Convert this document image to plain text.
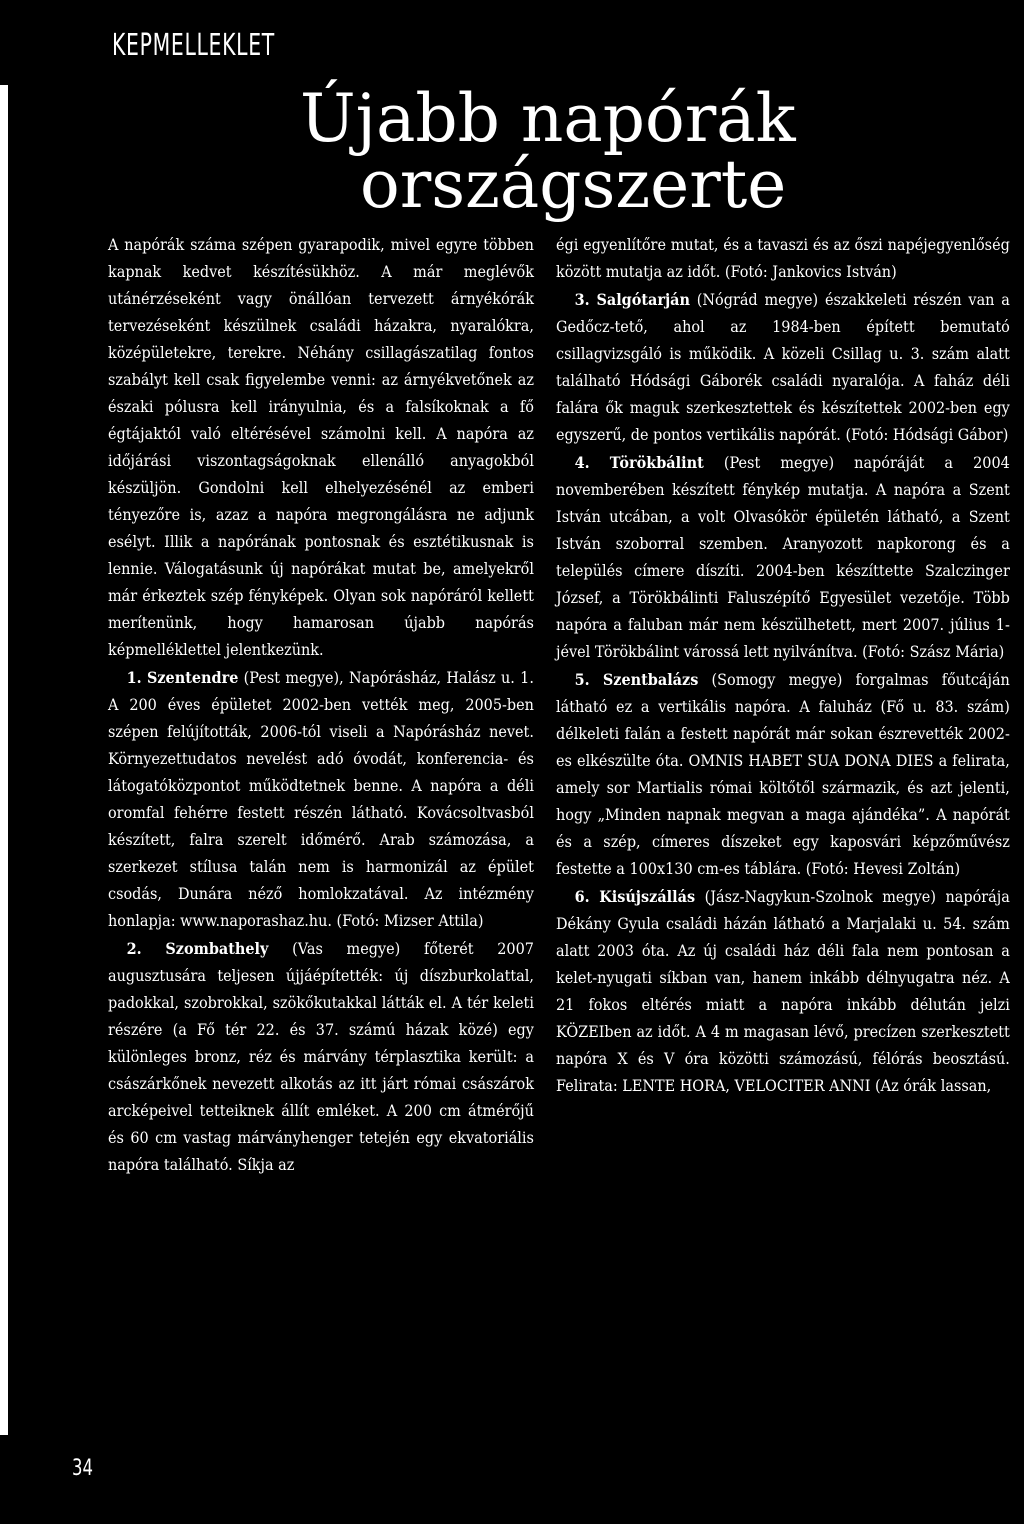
KEPMELLEKLET
Újabb napórák
országszerte

A napórák száma szépen gyarapodik, mivel egyre többen kapnak kedvet készítésükhöz. A már meglévők utánérzéseként vagy önállóan tervezett árnyékórák tervezéseként készülnek családi házakra, nyaralókra, középületekre, terekre. Néhány csillagászatilag fontos szabályt kell csak figyelembe venni: az árnyékvetőnek az északi pólusra kell irányulnia, és a falsíkoknak a fő égtájaktól való eltérésével számolni kell. A napóra az időjárási viszontagságoknak ellenálló anyagokból készüljön. Gondolni kell elhelyezésénél az emberi tényezőre is, azaz a napóra megrongálásra ne adjunk esélyt. Illik a napórának pontosnak és esztétikusnak is lennie. Válogatásunk új napórákat mutat be, amelyekről már érkeztek szép fényképek. Olyan sok napóráról kellett merítenünk, hogy hamarosan újabb napórás képmelléklettel jelentkezünk.

1. Szentendre (Pest megye), Napórásház, Halász u. 1. A 200 éves épületet 2002-ben vették meg, 2005-ben szépen felújították, 2006-tól viseli a Napórásház nevet. Környezettudatos nevelést adó óvodát, konferencia- és látogatóközpontot működtetnek benne. A napóra a déli oromfal fehérre festett részén látható. Kovácsoltvasból készített, falra szerelt időmérő. Arab számozása, a szerkezet stílusa talán nem is harmonizál az épület csodás, Dunára néző homlokzatával. Az intézmény honlapja: www.naporashaz.hu. (Fotó: Mizser Attila)

2. Szombathely (Vas megye) főterét 2007 augusztusára teljesen újjáépítették: új díszburkolattal, padokkal, szobrokkal, szökőkutakkal látták el. A tér keleti részére (a Fő tér 22. és 37. számú házak közé) egy különleges bronz, réz és márvány térplasztika került: a császárkőnek nevezett alkotás az itt járt római császárok arcképeivel tetteiknek állít emléket. A 200 cm átmérőjű és 60 cm vastag márványhenger tetején egy ekvatoriális napóra található. Síkja az

égi egyenlítőre mutat, és a tavaszi és az őszi napéjegyenlőség között mutatja az időt. (Fotó: Jankovics István)

3. Salgótarján (Nógrád megye) északkeleti részén van a Gedőcz-tető, ahol az 1984-ben épített bemutató csillagvizsgáló is működik. A közeli Csillag u. 3. szám alatt található Hódsági Gáborék családi nyaralója. A faház déli falára ők maguk szerkesztettek és készítettek 2002-ben egy egyszerű, de pontos vertikális napórát. (Fotó: Hódsági Gábor)

4. Törökbálint (Pest megye) napóráját a 2004 novemberében készített fénykép mutatja. A napóra a Szent István utcában, a volt Olvasókör épületén látható, a Szent István szoborral szemben. Aranyozott napkorong és a település címere díszíti. 2004-ben készíttette Szalczinger József, a Törökbálinti Faluszépítő Egyesület vezetője. Több napóra a faluban már nem készülhetett, mert 2007. július 1-jével Törökbálint várossá lett nyilvánítva. (Fotó: Szász Mária)

5. Szentbalázs (Somogy megye) forgalmas főutcáján látható ez a vertikális napóra. A faluház (Fő u. 83. szám) délkeleti falán a festett napórát már sokan észrevették 2002-es elkészülte óta. OMNIS HABET SUA DONA DIES a felirata, amely sor Martialis római költőtől származik, és azt jelenti, hogy „Minden napnak megvan a maga ajándéka”. A napórát és a szép, címeres díszeket egy kaposvári képzőművész festette a 100x130 cm-es táblára. (Fotó: Hevesi Zoltán)

6. Kisújszállás (Jász-Nagykun-Szolnok megye) napórája Dékány Gyula családi házán látható a Marjalaki u. 54. szám alatt 2003 óta. Az új családi ház déli fala nem pontosan a kelet-nyugati síkban van, hanem inkább délnyugatra néz. A 21 fokos eltérés miatt a napóra inkább délután jelzi KÖZEIben az időt. A 4 m magasan lévő, precízen szerkesztett napóra X és V óra közötti számozású, félórás beosztású. Felirata: LENTE HORA, VELOCITER ANNI (Az órák lassan,

34
